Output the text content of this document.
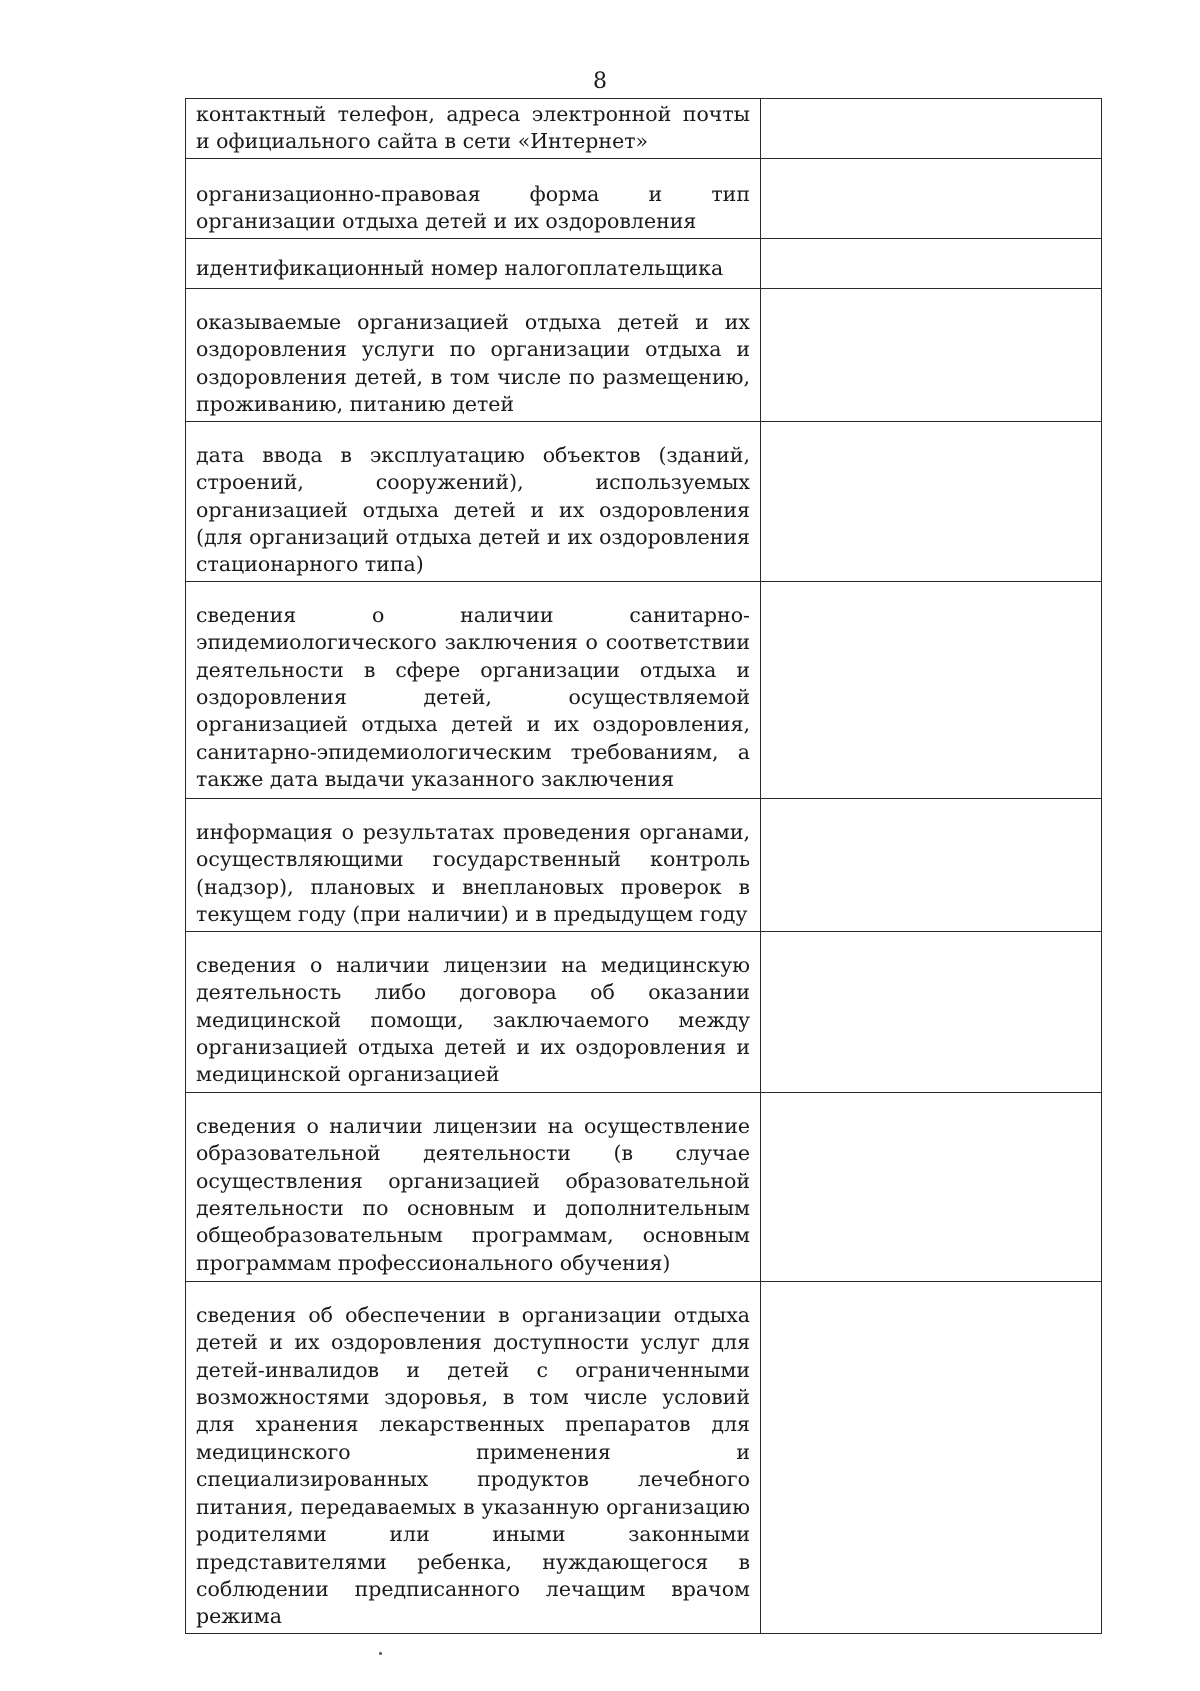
8
контактный телефон, адреса электронной почты и официального сайта в сети «Интернет»	

организационно-правовая форма и тип организации отдыха детей и их оздоровления	

идентификационный номер налогоплательщика	

оказываемые организацией отдыха детей и их оздоровления услуги по организации отдыха и оздоровления детей, в том числе по размещению, проживанию, питанию детей	

дата ввода в эксплуатацию объектов (зданий, строений, сооружений), используемых организацией отдыха детей и их оздоровления (для организаций отдыха детей и их оздоровления стационарного типа)	

сведения о наличии санитарно-эпидемиологического заключения о соответствии деятельности в сфере организации отдыха и оздоровления детей, осуществляемой организацией отдыха детей и их оздоровления, санитарно-эпидемиологическим требованиям, а также дата выдачи указанного заключения	

информация о результатах проведения органами, осуществляющими государственный контроль (надзор), плановых и внеплановых проверок в текущем году (при наличии) и в предыдущем году	

сведения о наличии лицензии на медицинскую деятельность либо договора об оказании медицинской помощи, заключаемого между организацией отдыха детей и их оздоровления и медицинской организацией	

сведения о наличии лицензии на осуществление образовательной деятельности (в случае осуществления организацией образовательной деятельности по основным и дополнительным общеобразовательным программам, основным программам профессионального обучения)	

сведения об обеспечении в организации отдыха детей и их оздоровления доступности услуг для детей-инвалидов и детей с ограниченными возможностями здоровья, в том числе условий для хранения лекарственных препаратов для медицинского применения и специализированных продуктов лечебного питания, передаваемых в указанную организацию родителями или иными законными представителями ребенка, нуждающегося в соблюдении предписанного лечащим врачом режима	
